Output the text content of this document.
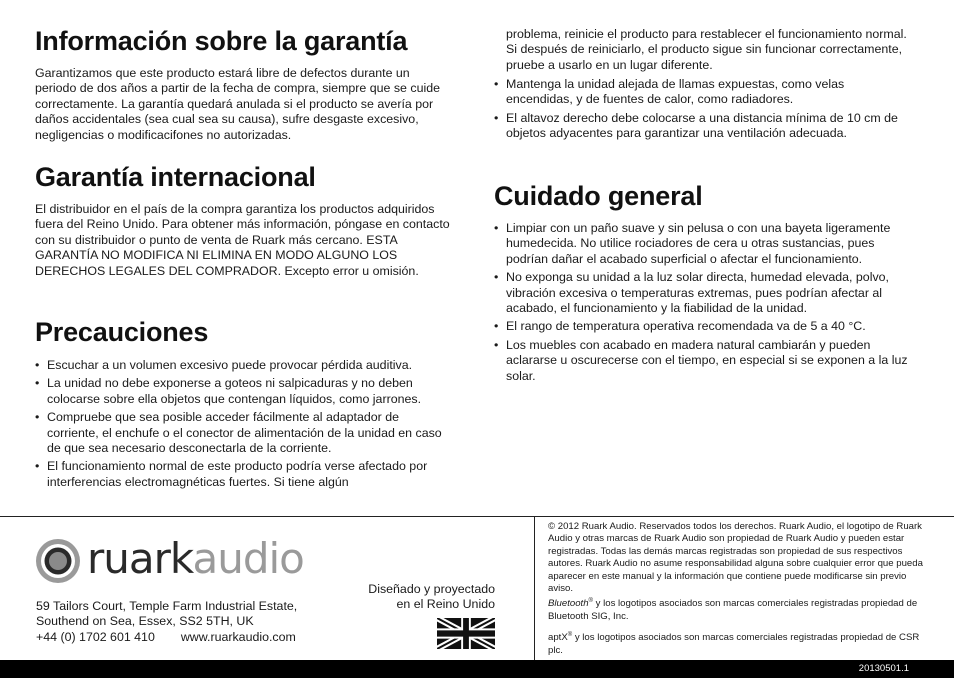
Información sobre la garantía

Garantizamos que este producto estará libre de defectos durante un periodo de dos años a partir de la fecha de compra, siempre que se cuide correctamente. La garantía quedará anulada si el producto se avería por daños accidentales (sea cual sea su causa), sufre desgaste excesivo, negligencias o modificacifones no autorizadas.

Garantía internacional

El distribuidor en el país de la compra garantiza los productos adquiridos fuera del Reino Unido. Para obtener más información, póngase en contacto con su distribuidor o punto de venta de Ruark más cercano. ESTA GARANTÍA NO MODIFICA NI ELIMINA EN MODO ALGUNO LOS DERECHOS LEGALES DEL COMPRADOR. Excepto error u omisión.

Precauciones
• Escuchar a un volumen excesivo puede provocar pérdida auditiva.
• La unidad no debe exponerse a goteos ni salpicaduras y no deben colocarse sobre ella objetos que contengan líquidos, como jarrones.
• Compruebe que sea posible acceder fácilmente al adaptador de corriente, el enchufe o el conector de alimentación de la unidad en caso de que sea necesario desconectarla de la corriente.
• El funcionamiento normal de este producto podría verse afectado por interferencias electromagnéticas fuertes. Si tiene algún

problema, reinicie el producto para restablecer el funcionamiento normal. Si después de reiniciarlo, el producto sigue sin funcionar correctamente, pruebe a usarlo en un lugar diferente.

• Mantenga la unidad alejada de llamas expuestas, como velas encendidas, y de fuentes de calor, como radiadores.
• El altavoz derecho debe colocarse a una distancia mínima de 10 cm de objetos adyacentes para garantizar una ventilación adecuada.
Cuidado general
• Limpiar con un paño suave y sin pelusa o con una bayeta ligeramente humedecida. No utilice rociadores de cera u otras sustancias, pues podrían dañar el acabado superficial o afectar el funcionamiento.
• No exponga su unidad a la luz solar directa, humedad elevada, polvo, vibración excesiva o temperaturas extremas, pues podrían afectar al acabado, el funcionamiento y la fiabilidad de la unidad.
• El rango de temperatura operativa recomendada va de 5 a 40 °C.
• Los muebles con acabado en madera natural cambiarán y pueden aclararse u oscurecerse con el tiempo, en especial si se exponen a la luz solar.
ruarkaudio
59 Tailors Court, Temple Farm Industrial Estate,
Southend on Sea, Essex, SS2 5TH, UK
+44 (0) 1702 601 410 www.ruarkaudio.com
Diseñado y proyectado
en el Reino Unido

© 2012 Ruark Audio. Reservados todos los derechos. Ruark Audio, el logotipo de Ruark Audio y otras marcas de Ruark Audio son propiedad de Ruark Audio y pueden estar registradas. Todas las demás marcas registradas son propiedad de sus respectivos autores. Ruark Audio no asume responsabilidad alguna sobre cualquier error que pueda aparecer en este manual y la información que contiene puede modificarse sin previo aviso.

Bluetooth® y los logotipos asociados son marcas comerciales registradas propiedad de Bluetooth SIG, Inc.

aptX® y los logotipos asociados son marcas comerciales registradas propiedad de CSR plc.

20130501.1
